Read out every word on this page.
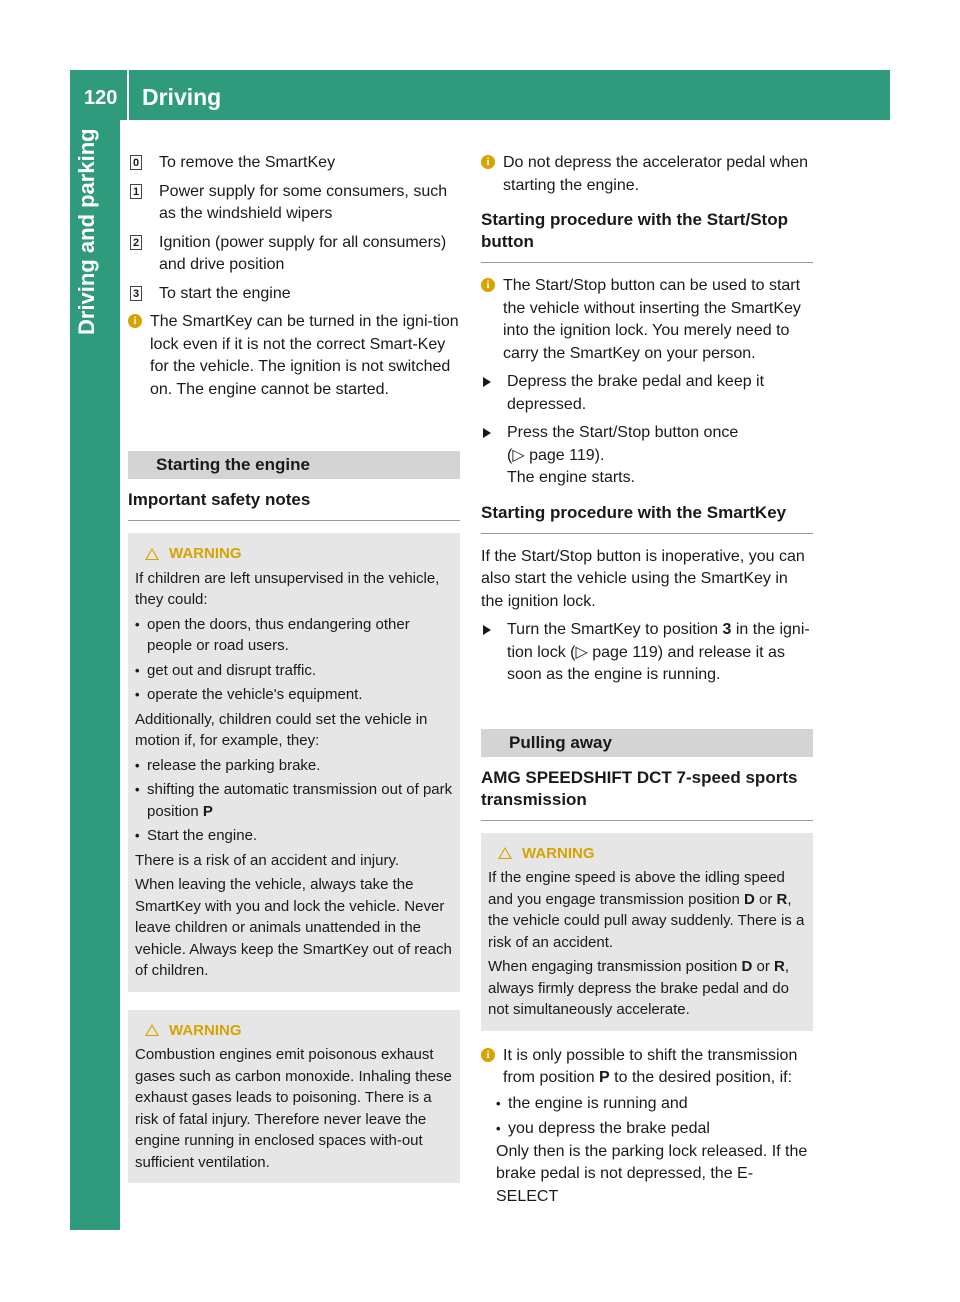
120 Driving
Driving and parking	0 To remove the SmartKey
1 Power supply for some consumers, such as the windshield wipers
2 Ignition (power supply for all consumers) and drive position
3 To start the engine
i The SmartKey can be turned in the igni-tion lock even if it is not the correct Smart-Key for the vehicle. The ignition is not switched on. The engine cannot be started.

Starting the engine
Important safety notes
WARNING

If children are left unsupervised in the vehicle, they could:

• open the doors, thus endangering other people or road users.
• get out and disrupt traffic.
• operate the vehicle's equipment.

Additionally, children could set the vehicle in motion if, for example, they:

• release the parking brake.
• shifting the automatic transmission out of park position P
• Start the engine.

There is a risk of an accident and injury.

When leaving the vehicle, always take the SmartKey with you and lock the vehicle. Never leave children or animals unattended in the vehicle. Always keep the SmartKey out of reach of children.

WARNING

Combustion engines emit poisonous exhaust gases such as carbon monoxide. Inhaling these exhaust gases leads to poisoning. There is a risk of fatal injury. Therefore never leave the engine running in enclosed spaces with-out sufficient ventilation.

i Do not depress the accelerator pedal when starting the engine.

Starting procedure with the Start/Stop button
i The Start/Stop button can be used to start the vehicle without inserting the SmartKey into the ignition lock. You merely need to carry the SmartKey on your person.

Depress the brake pedal and keep it depressed.

Press the Start/Stop button once

(▷ page 119).

The engine starts.

Starting procedure with the SmartKey

If the Start/Stop button is inoperative, you can also start the vehicle using the SmartKey in the ignition lock.

Turn the SmartKey to position 3 in the igni-tion lock (▷ page 119) and release it as soon as the engine is running.

Pulling away
AMG SPEEDSHIFT DCT 7-speed sports transmission
WARNING

If the engine speed is above the idling speed and you engage transmission position D or R, the vehicle could pull away suddenly. There is a risk of an accident.

When engaging transmission position D or R, always firmly depress the brake pedal and do not simultaneously accelerate.

i It is only possible to shift the transmission from position P to the desired position, if:

• the engine is running and
• you depress the brake pedal

Only then is the parking lock released. If the brake pedal is not depressed, the E-SELECT
